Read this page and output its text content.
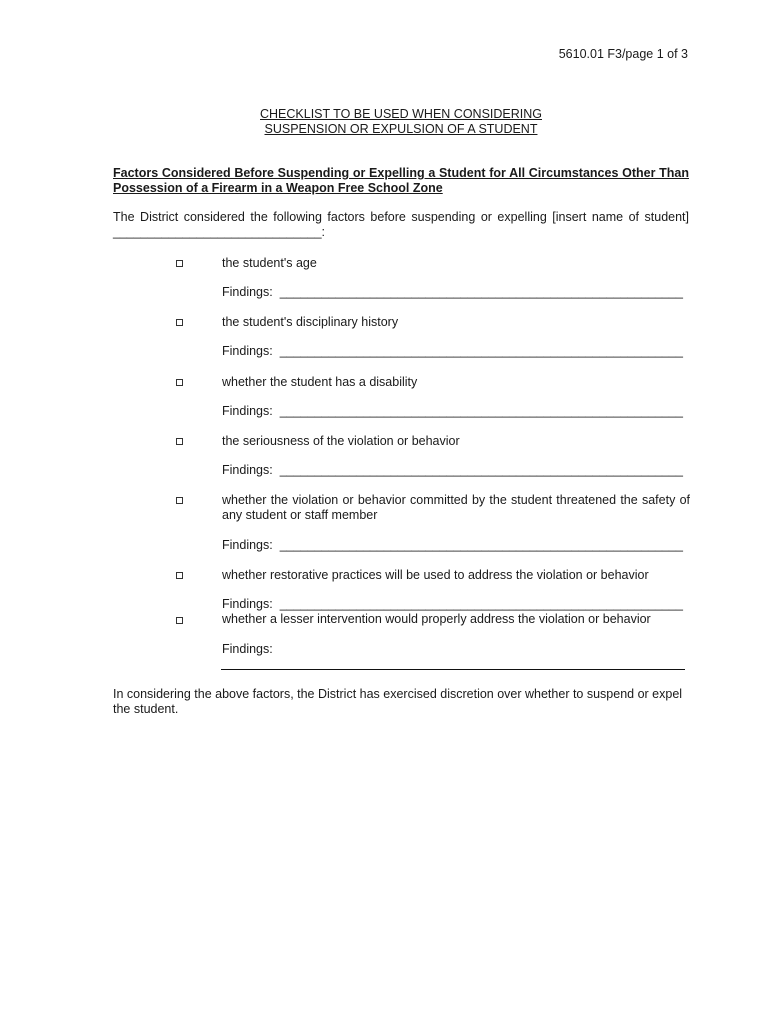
5610.01 F3/page 1 of 3
CHECKLIST TO BE USED WHEN CONSIDERING
SUSPENSION OR EXPULSION OF A STUDENT
Factors Considered Before Suspending or Expelling a Student for All Circumstances Other Than Possession of a Firearm in a Weapon Free School Zone
The District considered the following factors before suspending or expelling [insert name of student] ______________________________:
the student's age
Findings: __________________________________________________________
the student's disciplinary history
Findings: __________________________________________________________
whether the student has a disability
Findings: __________________________________________________________
the seriousness of the violation or behavior
Findings: __________________________________________________________
whether the violation or behavior committed by the student threatened the safety of any student or staff member
Findings: __________________________________________________________
whether restorative practices will be used to address the violation or behavior
Findings: __________________________________________________________
whether a lesser intervention would properly address the violation or behavior
Findings:
In considering the above factors, the District has exercised discretion over whether to suspend or expel the student.
